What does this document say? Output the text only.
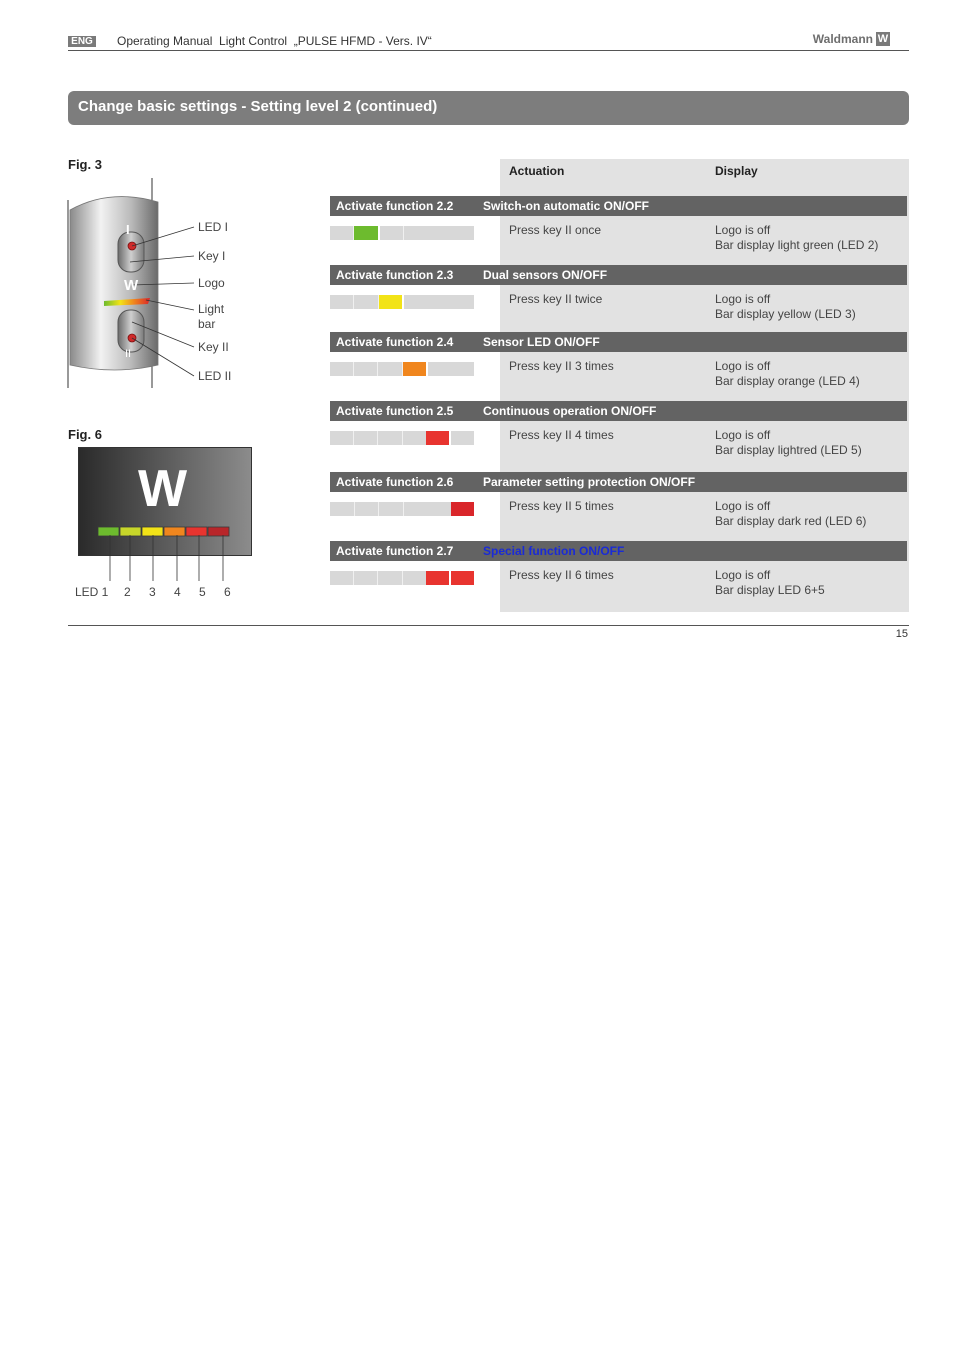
ENG Operating Manual  Light Control  „PULSE HFMD - Vers. IV“	Waldmann W
Change basic settings - Setting level 2 (continued)
Fig. 3
I
W
II
LED I
Key I
Logo
Light
bar
Key II
LED II
Fig. 6
W
LED 1 2 3 4 5 6
Actuation	Display
Activate function 2.2 Switch-on automatic ON/OFF
Press key II once	Logo is off
Bar display light green (LED 2)
Activate function 2.3 Dual sensors ON/OFF
Press key II twice	Logo is off
Bar display yellow (LED 3)
Activate function 2.4 Sensor LED ON/OFF
Press key II 3 times	Logo is off
Bar display orange (LED 4)
Activate function 2.5 Continuous operation ON/OFF
Press key II 4 times	Logo is off
Bar display lightred (LED 5)
Activate function 2.6 Parameter setting protection ON/OFF
Press key II 5 times	Logo is off
Bar display dark red (LED 6)
Activate function 2.7 Special function ON/OFF
Press key II 6 times	Logo is off
Bar display LED 6+5
15
